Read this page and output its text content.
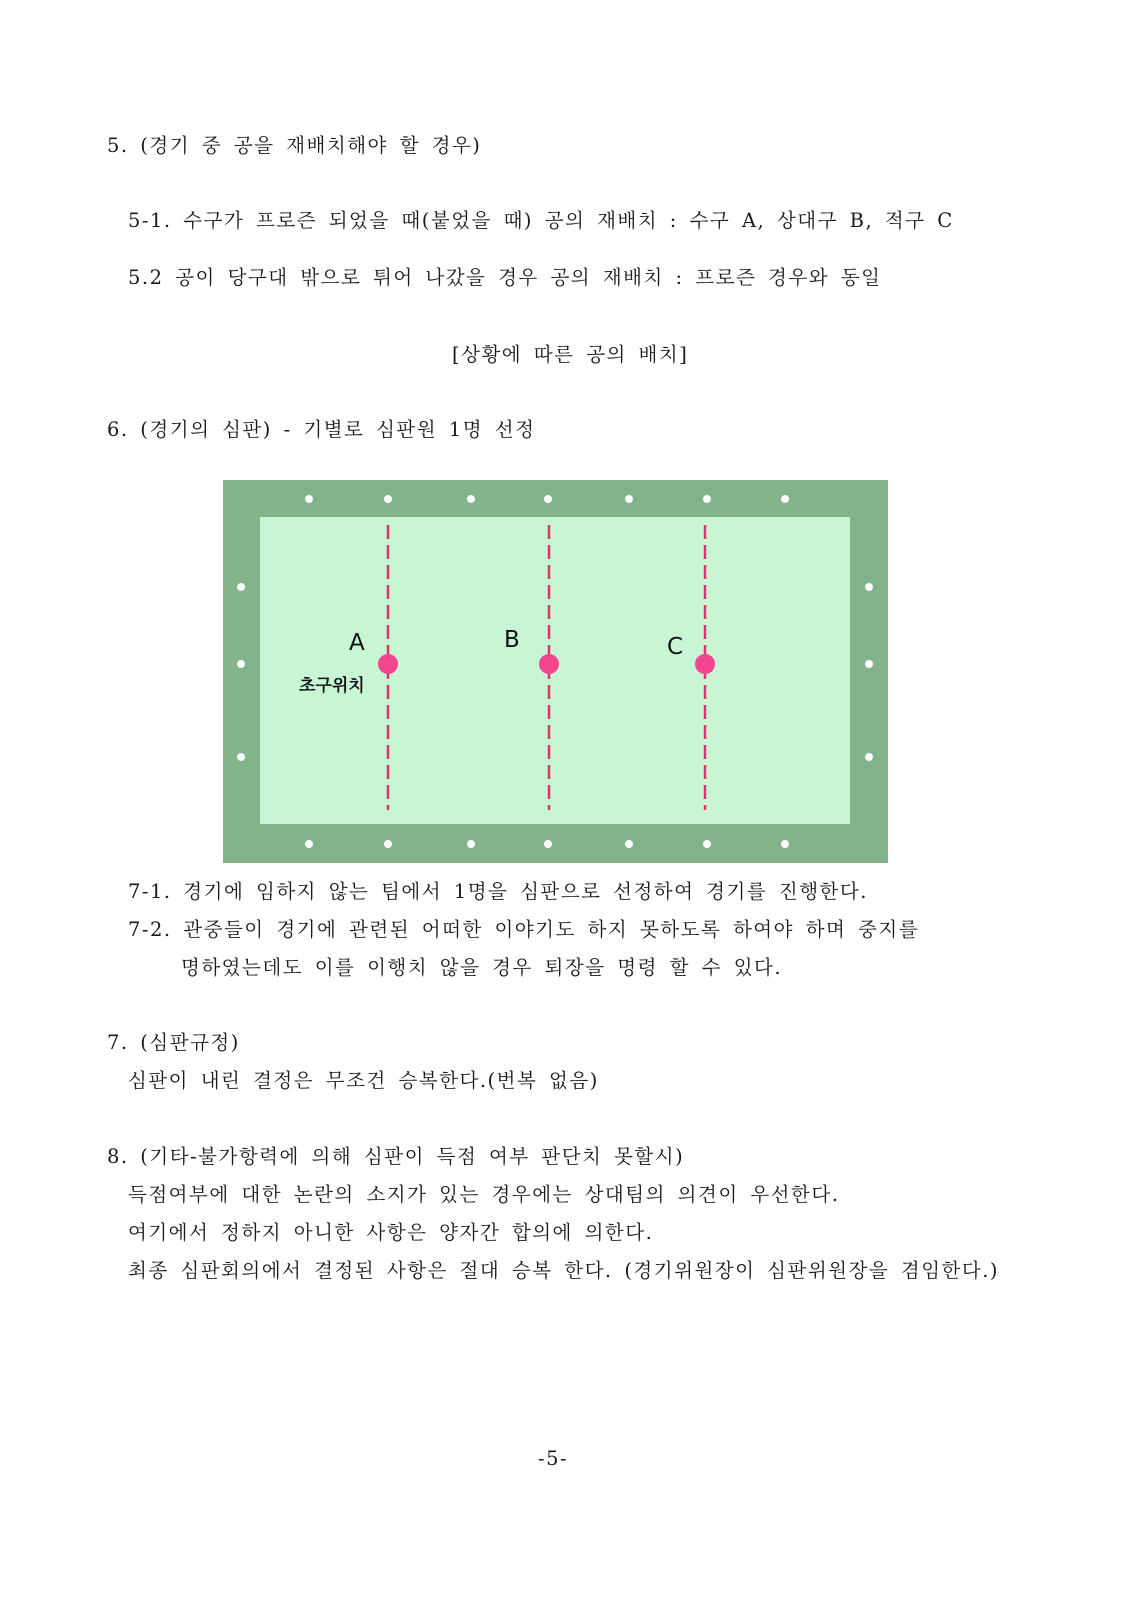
5. (경기 중 공을 재배치해야 할 경우)
5-1. 수구가 프로즌 되었을 때(붙었을 때) 공의 재배치 : 수구 A, 상대구 B, 적구 C
5.2 공이 당구대 밖으로 튀어 나갔을 경우 공의 재배치 : 프로즌 경우와 동일
[상황에 따른 공의 배치]
6. (경기의 심판) - 기별로 심판원 1명 선정
A	B	C
초구위치
7-1. 경기에 임하지 않는 팀에서 1명을 심판으로 선정하여 경기를 진행한다.
7-2. 관중들이 경기에 관련된 어떠한 이야기도 하지 못하도록 하여야 하며 중지를
명하였는데도 이를 이행치 않을 경우 퇴장을 명령 할 수 있다.
7. (심판규정)
심판이 내린 결정은 무조건 승복한다.(번복 없음)
8. (기타-불가항력에 의해 심판이 득점 여부 판단치 못할시)
득점여부에 대한 논란의 소지가 있는 경우에는 상대팀의 의견이 우선한다.
여기에서 정하지 아니한 사항은 양자간 합의에 의한다.
최종 심판회의에서 결정된 사항은 절대 승복 한다. (경기위원장이 심판위원장을 겸임한다.)
-5-
